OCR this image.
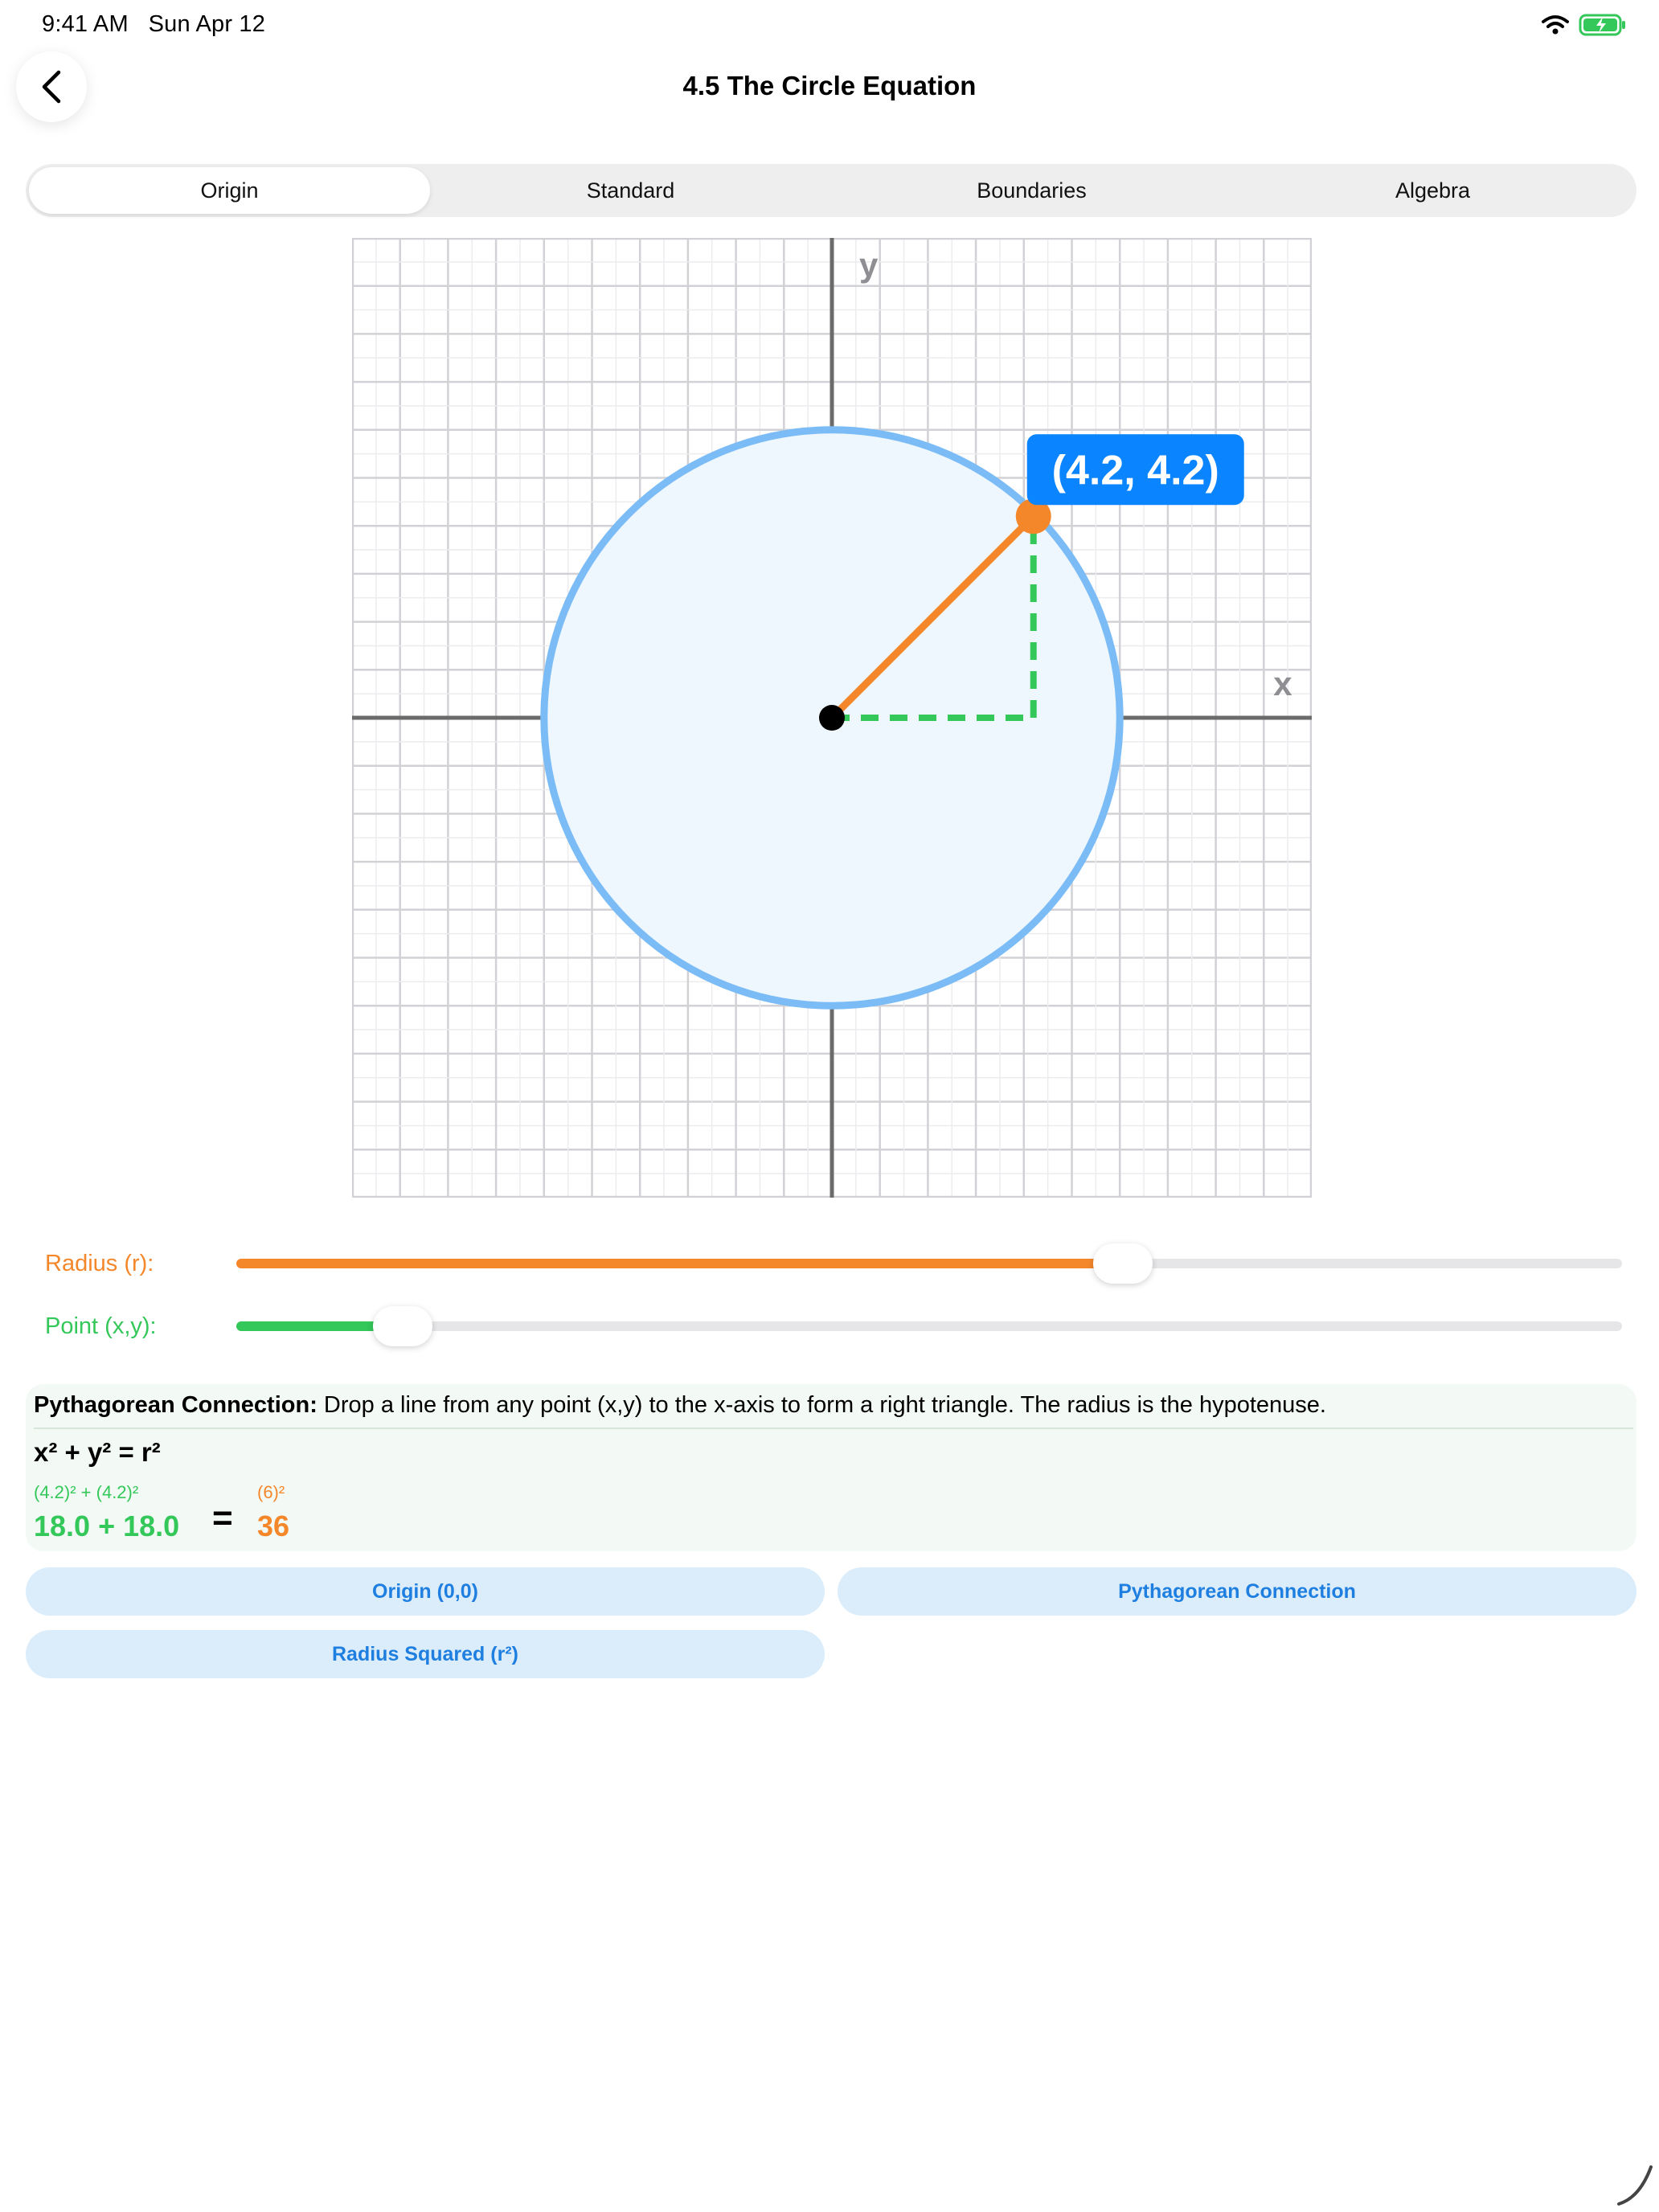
9:41 AM Sun Apr 12
4.5 The Circle Equation
Origin	Standard	Boundaries	Algebra
x
y
(4.2, 4.2)
Radius (r):
Point (x,y):
Pythagorean Connection: Drop a line from any point (x,y) to the x-axis to form a right triangle. The radius is the hypotenuse.
x² + y² = r²
(4.2)² + (4.2)²
18.0 + 18.0 =
(6)²
36
Origin (0,0)	Pythagorean Connection
Radius Squared (r²)
